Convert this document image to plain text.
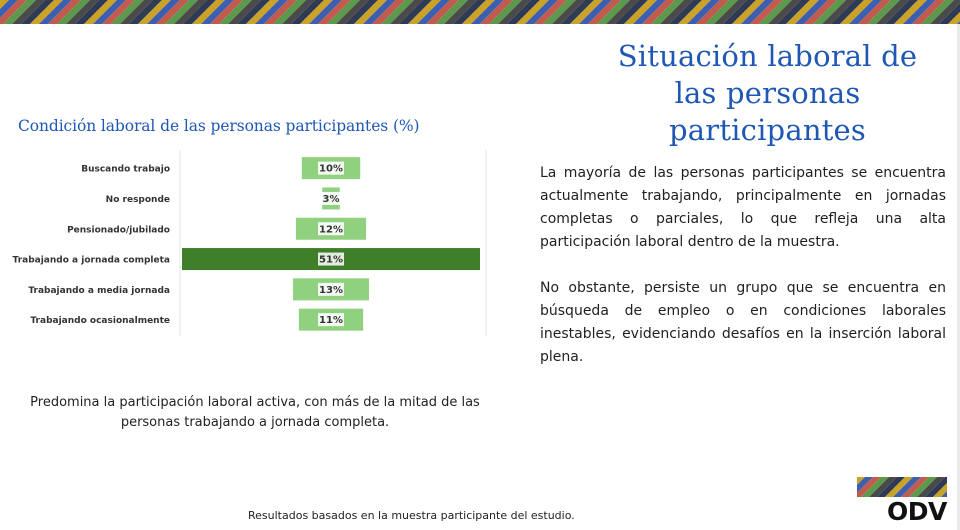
Situación laboral de
las personas
participantes
Condición laboral de las personas participantes (%)
Buscando trabajo	10%
No responde	3%
Pensionado/jubilado	12%
Trabajando a jornada completa	51%
Trabajando a media jornada	13%
Trabajando ocasionalmente	11%
Predomina la participación laboral activa, con más de la mitad de las personas trabajando a jornada completa.

La mayoría de las personas participantes se encuentra actualmente trabajando, principalmente en jornadas completas o parciales, lo que refleja una alta participación laboral dentro de la muestra.

No obstante, persiste un grupo que se encuentra en búsqueda de empleo o en condiciones laborales inestables, evidenciando desafíos en la inserción laboral plena.

Resultados basados en la muestra participante del estudio.	ODV
